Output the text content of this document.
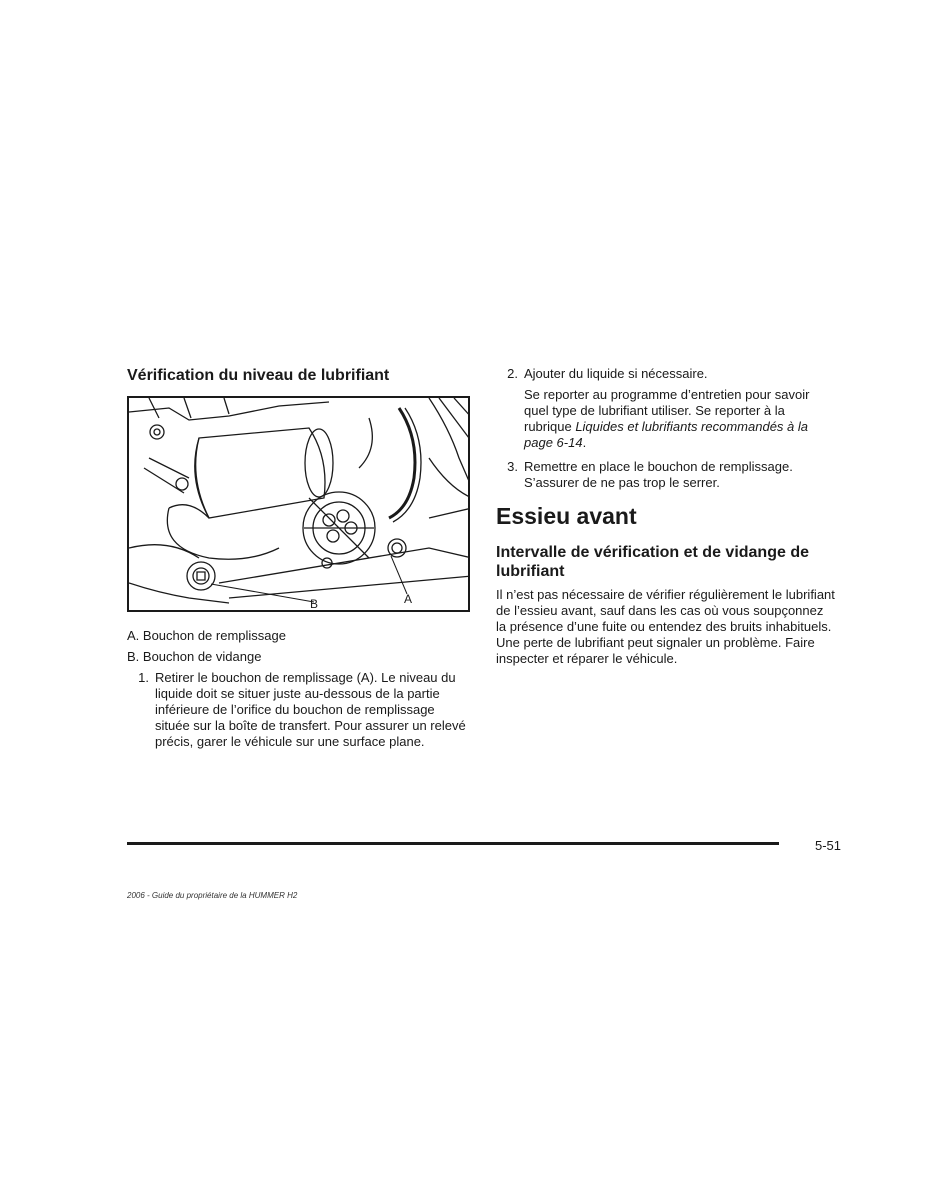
Vérification du niveau de lubrifiant
B	A
A. Bouchon de remplissage
B. Bouchon de vidange
1. Retirer le bouchon de remplissage (A). Le niveau du liquide doit se situer juste au-dessous de la partie inférieure de l’orifice du bouchon de remplissage située sur la boîte de transfert. Pour assurer un relevé précis, garer le véhicule sur une surface plane.
2. Ajouter du liquide si nécessaire.
Se reporter au programme d’entretien pour savoir quel type de lubrifiant utiliser. Se reporter à la rubrique Liquides et lubrifiants recommandés à la page 6-14.
3. Remettre en place le bouchon de remplissage. S’assurer de ne pas trop le serrer.
Essieu avant
Intervalle de vérification et de vidange de lubrifiant

Il n’est pas nécessaire de vérifier régulièrement le lubrifiant de l’essieu avant, sauf dans les cas où vous soupçonnez la présence d’une fuite ou entendez des bruits inhabituels. Une perte de lubrifiant peut signaler un problème. Faire inspecter et réparer le véhicule.

5-51
2006 - Guide du propriétaire de la HUMMER H2
